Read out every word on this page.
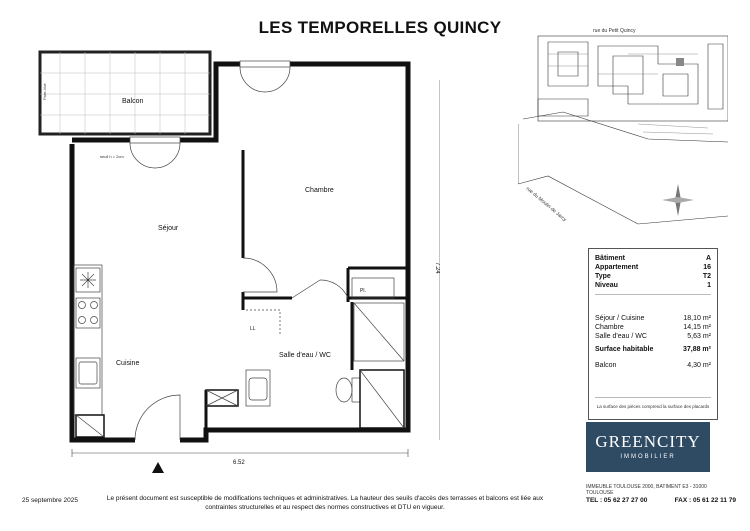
LES TEMPORELLES QUINCY
Balcon
Séjour
Chambre
Cuisine
Salle d'eau / WC
Pl.
LL
seuil h = 2cm
Pare-Vue
6.52
7.24
rue du Petit Quincy
rue du Moulin de Jarcy
Bâtiment	A
Appartement	16
Type	T2
Niveau	1
Séjour / Cuisine	18,10 m²
Chambre	14,15 m²
Salle d'eau / WC	5,63 m²
Surface habitable	37,88 m²
Balcon	4,30 m²
La surface des pièces comprend la surface des placards
GREENCITY
IMMOBILIER
IMMEUBLE TOULOUSE 2000, BATIMENT E3 - 31000 TOULOUSE
TEL : 05 62 27 27 00	FAX : 05 61 22 11 79
25 septembre 2025	Le présent document est susceptible de modifications techniques et administratives. La hauteur des seuils d'accès des terrasses et balcons est liée aux
contraintes structurelles et au respect des normes constructives et DTU en vigueur.
